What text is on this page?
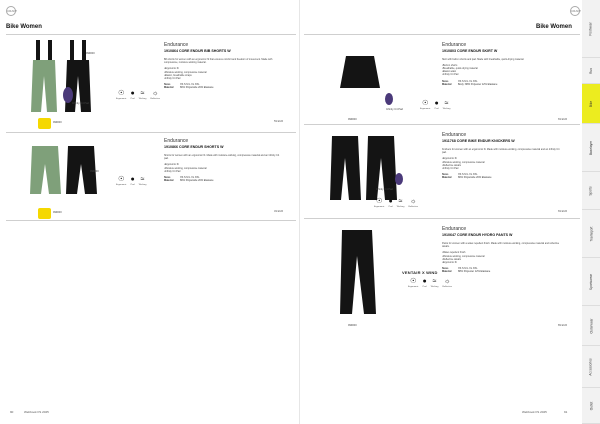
CRAFT
Bike Women
999000
Infinity C4 Pad
999000
☉
Ergonomic
●
Pad
≈
Wicking
☼
Reflective
Endurance
1910864 CORE ENDUR BIB SHORTS W
Bib shorts for women with an ergonomic fit that ensures comfort and freedom of movement. Made with compressive, moisture-wicking material.
• Ergonomic fit
• Moisture-wicking, compressive material
• Elastic, breathable straps
• Infinity C4 Pad
Sizes	XS S M L XL XXL
Material	80% Polyamide 20% Elastane
59 EUR
999000
999000
☉
Ergonomic
●
Pad
≈
Wicking
Endurance
1910866 CORE ENDUR SHORTS W
Shorts for women with an ergonomic fit. Made with moisture-wicking, compressive material and an Infinity C4 pad.
• Ergonomic fit
• Moisture-wicking, compressive material
• Infinity C4 Pad
Sizes	XS S M L XL XXL
Material	80% Polyamide 20% Elastane
49 EUR
90	Webbook FS 2025
CRAFT
Bike Women
Infinity C4 Pad
999000
☉
Ergonomic
●
Pad
≈
Wicking
Endurance
1910803 CORE ENDUR SKIRT W
Skirt with built-in shorts and pad. Made with breathable, quick-drying material.
• Built-in shorts
• Breathable, quick-drying material
• Elastic waist
• Infinity C4 Pad
Sizes	XS S M L XL XXL
Material	Body: 88% Polyester 12% Elastane
69 EUR
Infinity C4 Pad
☉
Ergonomic
●
Pad
≈
Wicking
☼
Reflective
Endurance
1911768 CORE BIKE ENDUR KNICKERS W
Knickers for women with an ergonomic fit. Made with moisture-wicking, compressive material and an Infinity C4 pad.
• Ergonomic fit
• Moisture-wicking, compressive material
• Reflective details
• Infinity C4 Pad
Sizes	XS S M L XL XXL
Material	80% Polyamide 20% Elastane
69 EUR
999000
VENTAIR X WIND
☉
Ergonomic
●
Pad
≈
Wicking
☼
Reflective
Endurance
1910647 CORE ENDUR HYDRO PANTS W
Pants for women with a water-repellent finish. Made with moisture-wicking, compressive material and reflective details.
• Water-repellent finish
• Moisture-wicking, compressive material
• Reflective details
• Ergonomic fit
Sizes	XS S M L XL XXL
Material	88% Polyester 12% Elastane
89 EUR
Webbook FS 2025	91
Footwear
Run
Bike
Baselayer
Sports
Teamsport
Sportswear
Outerwear
Accessories
Outlet
